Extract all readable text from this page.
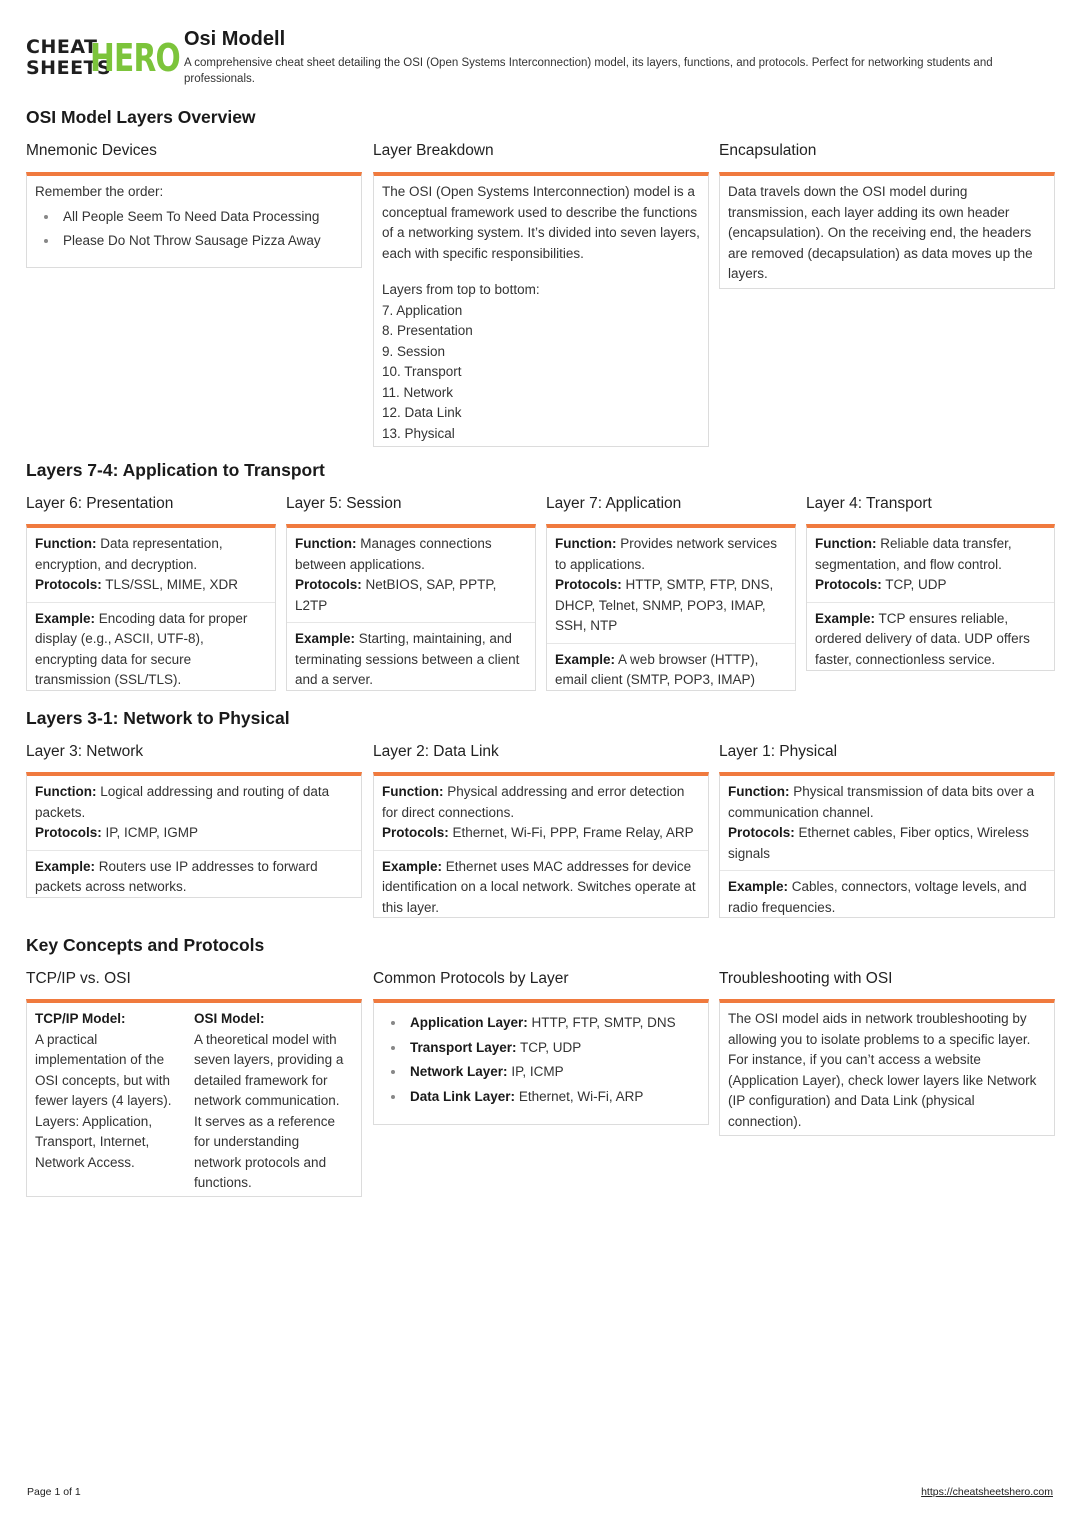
CHEAT
SHEETS
HERO Osi Modell
A comprehensive cheat sheet detailing the OSI (Open Systems Interconnection) model, its layers, functions, and protocols. Perfect for networking students and professionals.
OSI Model Layers Overview
Mnemonic Devices
Remember the order:
All People Seem To Need Data Processing
Please Do Not Throw Sausage Pizza Away
Layer Breakdown
The OSI (Open Systems Interconnection) model is a conceptual framework used to describe the functions of a networking system. It’s divided into seven layers, each with specific responsibilities.
Layers from top to bottom:
7. Application
8. Presentation
9. Session
10. Transport
11. Network
12. Data Link
13. Physical
Encapsulation
Data travels down the OSI model during transmission, each layer adding its own header (encapsulation). On the receiving end, the headers are removed (decapsulation) as data moves up the layers.
Layers 7-4: Application to Transport
Layer 6: Presentation
Function: Data representation, encryption, and decryption.
Protocols: TLS/SSL, MIME, XDR
Example: Encoding data for proper display (e.g., ASCII, UTF-8), encrypting data for secure transmission (SSL/TLS).
Layer 5: Session
Function: Manages connections between applications.
Protocols: NetBIOS, SAP, PPTP, L2TP
Example: Starting, maintaining, and terminating sessions between a client and a server.
Layer 7: Application
Function: Provides network services to applications.
Protocols: HTTP, SMTP, FTP, DNS, DHCP, Telnet, SNMP, POP3, IMAP, SSH, NTP
Example: A web browser (HTTP), email client (SMTP, POP3, IMAP)
Layer 4: Transport
Function: Reliable data transfer, segmentation, and flow control.
Protocols: TCP, UDP
Example: TCP ensures reliable, ordered delivery of data. UDP offers faster, connectionless service.
Layers 3-1: Network to Physical
Layer 3: Network
Function: Logical addressing and routing of data packets.
Protocols: IP, ICMP, IGMP
Example: Routers use IP addresses to forward packets across networks.
Layer 2: Data Link
Function: Physical addressing and error detection for direct connections.
Protocols: Ethernet, Wi-Fi, PPP, Frame Relay, ARP
Example: Ethernet uses MAC addresses for device identification on a local network. Switches operate at this layer.
Layer 1: Physical
Function: Physical transmission of data bits over a communication channel.
Protocols: Ethernet cables, Fiber optics, Wireless signals
Example: Cables, connectors, voltage levels, and radio frequencies.
Key Concepts and Protocols
TCP/IP vs. OSI
TCP/IP Model:
A practical implementation of the OSI concepts, but with fewer layers (4 layers). Layers: Application, Transport, Internet, Network Access.
OSI Model:
A theoretical model with seven layers, providing a detailed framework for network communication. It serves as a reference for understanding network protocols and functions.
Common Protocols by Layer
Application Layer: HTTP, FTP, SMTP, DNS
Transport Layer: TCP, UDP
Network Layer: IP, ICMP
Data Link Layer: Ethernet, Wi-Fi, ARP
Troubleshooting with OSI
The OSI model aids in network troubleshooting by allowing you to isolate problems to a specific layer. For instance, if you can’t access a website (Application Layer), check lower layers like Network (IP configuration) and Data Link (physical connection).
Page 1 of 1	https://cheatsheetshero.com
